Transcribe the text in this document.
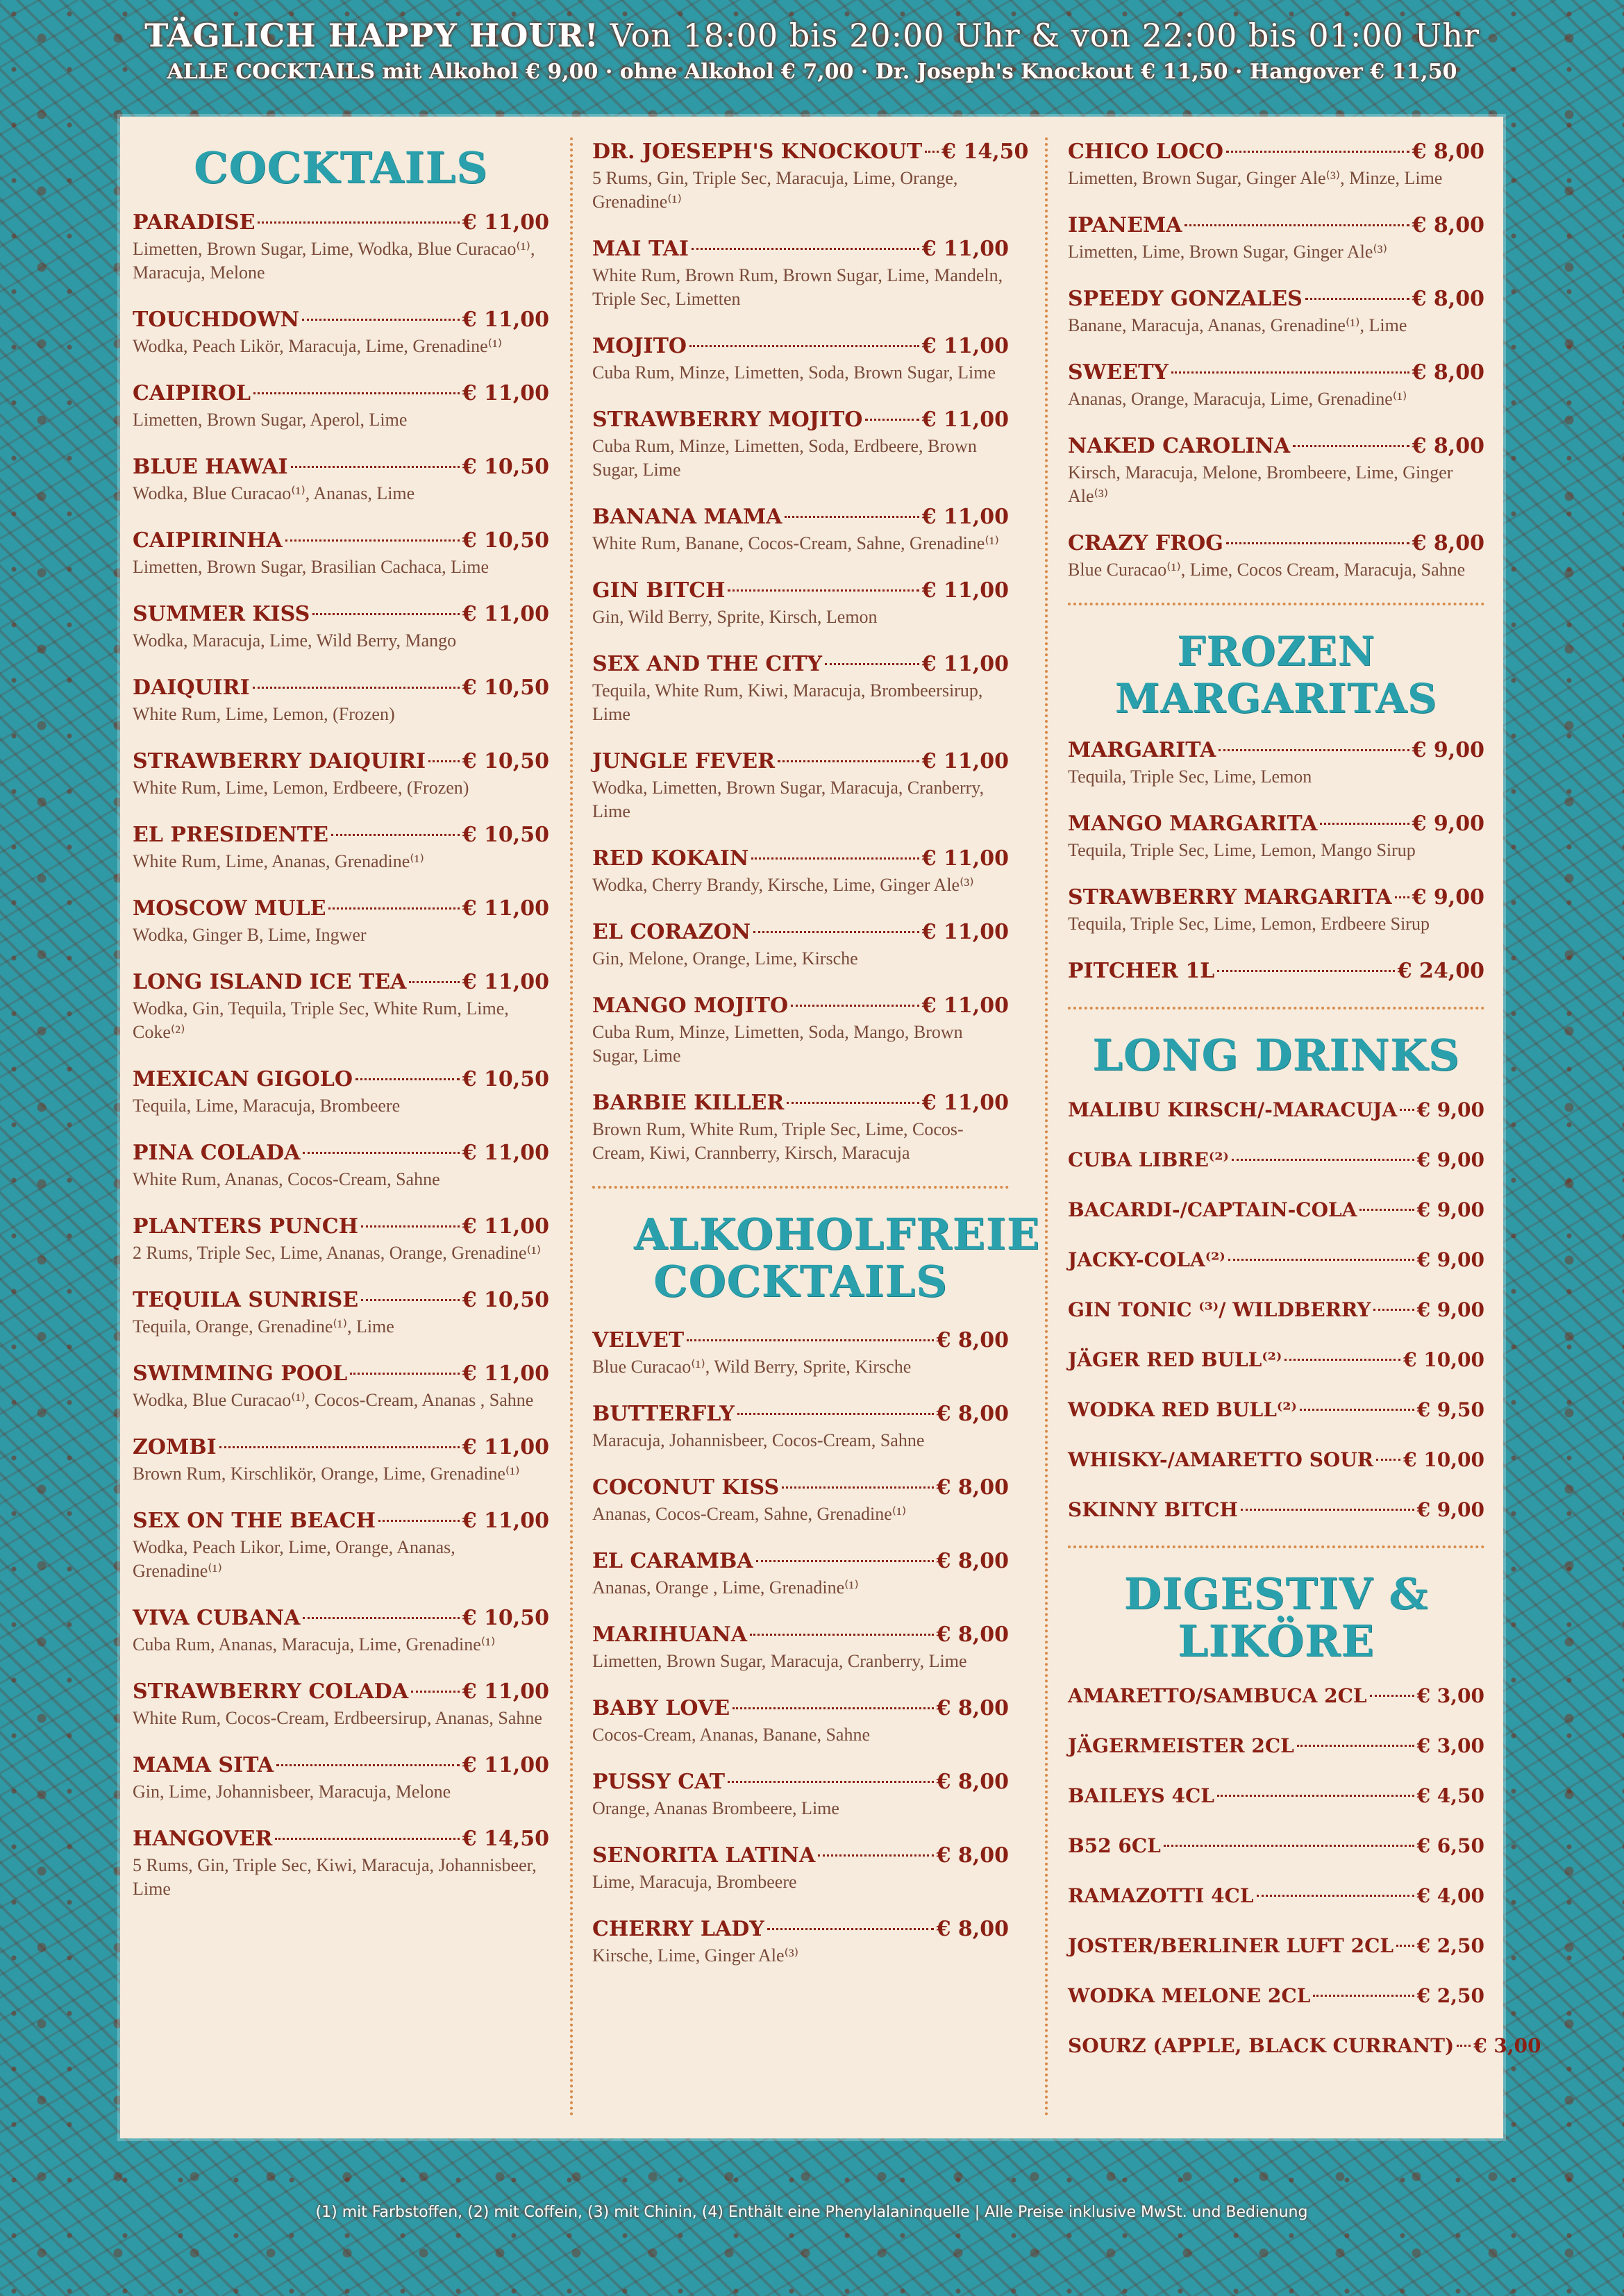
TÄGLICH HAPPY HOUR! Von 18:00 bis 20:00 Uhr & von 22:00 bis 01:00 Uhr
ALLE COCKTAILS mit Alkohol € 9,00 · ohne Alkohol € 7,00 · Dr. Joseph's Knockout € 11,50 · Hangover € 11,50
COCKTAILS
PARADISE	€ 11,00
Limetten, Brown Sugar, Lime, Wodka, Blue Curacao⁽¹⁾, Maracuja, Melone
TOUCHDOWN	€ 11,00
Wodka, Peach Likör, Maracuja, Lime, Grenadine⁽¹⁾
CAIPIROL	€ 11,00
Limetten, Brown Sugar, Aperol, Lime
BLUE HAWAI	€ 10,50
Wodka, Blue Curacao⁽¹⁾, Ananas, Lime
CAIPIRINHA	€ 10,50
Limetten, Brown Sugar, Brasilian Cachaca, Lime
SUMMER KISS	€ 11,00
Wodka, Maracuja, Lime, Wild Berry, Mango
DAIQUIRI	€ 10,50
White Rum, Lime, Lemon, (Frozen)
STRAWBERRY DAIQUIRI € 10,50
White Rum, Lime, Lemon, Erdbeere, (Frozen)
EL PRESIDENTE	€ 10,50
White Rum, Lime, Ananas, Grenadine⁽¹⁾
MOSCOW MULE	€ 11,00
Wodka, Ginger B, Lime, Ingwer
LONG ISLAND ICE TEA	€ 11,00
Wodka, Gin, Tequila, Triple Sec, White Rum, Lime, Coke⁽²⁾
MEXICAN GIGOLO	€ 10,50
Tequila, Lime, Maracuja, Brombeere
PINA COLADA	€ 11,00
White Rum, Ananas, Cocos-Cream, Sahne
PLANTERS PUNCH	€ 11,00
2 Rums, Triple Sec, Lime, Ananas, Orange, Grenadine⁽¹⁾
TEQUILA SUNRISE	€ 10,50
Tequila, Orange, Grenadine⁽¹⁾, Lime
SWIMMING POOL	€ 11,00
Wodka, Blue Curacao⁽¹⁾, Cocos-Cream, Ananas , Sahne
ZOMBI	€ 11,00
Brown Rum, Kirschlikör, Orange, Lime, Grenadine⁽¹⁾
SEX ON THE BEACH	€ 11,00
Wodka, Peach Likor, Lime, Orange, Ananas, Grenadine⁽¹⁾
VIVA CUBANA	€ 10,50
Cuba Rum, Ananas, Maracuja, Lime, Grenadine⁽¹⁾
STRAWBERRY COLADA	€ 11,00
White Rum, Cocos-Cream, Erdbeersirup, Ananas, Sahne
MAMA SITA	€ 11,00
Gin, Lime, Johannisbeer, Maracuja, Melone
HANGOVER	€ 14,50
5 Rums, Gin, Triple Sec, Kiwi, Maracuja, Johannisbeer, Lime
DR. JOESEPH'S KNOCKOUT € 14,50
5 Rums, Gin, Triple Sec, Maracuja, Lime, Orange, Grenadine⁽¹⁾
MAI TAI	€ 11,00
White Rum, Brown Rum, Brown Sugar, Lime, Mandeln, Triple Sec, Limetten
MOJITO	€ 11,00
Cuba Rum, Minze, Limetten, Soda, Brown Sugar, Lime
STRAWBERRY MOJITO	€ 11,00
Cuba Rum, Minze, Limetten, Soda, Erdbeere, Brown Sugar, Lime
BANANA MAMA	€ 11,00
White Rum, Banane, Cocos-Cream, Sahne, Grenadine⁽¹⁾
GIN BITCH	€ 11,00
Gin, Wild Berry, Sprite, Kirsch, Lemon
SEX AND THE CITY	€ 11,00
Tequila, White Rum, Kiwi, Maracuja, Brombeersirup, Lime
JUNGLE FEVER	€ 11,00
Wodka, Limetten, Brown Sugar, Maracuja, Cranberry, Lime
RED KOKAIN	€ 11,00
Wodka, Cherry Brandy, Kirsche, Lime, Ginger Ale⁽³⁾
EL CORAZON	€ 11,00
Gin, Melone, Orange, Lime, Kirsche
MANGO MOJITO	€ 11,00
Cuba Rum, Minze, Limetten, Soda, Mango, Brown Sugar, Lime
BARBIE KILLER	€ 11,00
Brown Rum, White Rum, Triple Sec, Lime, Cocos-Cream, Kiwi, Crannberry, Kirsch, Maracuja
ALKOHOLFREIE COCKTAILS
VELVET	€ 8,00
Blue Curacao⁽¹⁾, Wild Berry, Sprite, Kirsche
BUTTERFLY	€ 8,00
Maracuja, Johannisbeer, Cocos-Cream, Sahne
COCONUT KISS	€ 8,00
Ananas, Cocos-Cream, Sahne, Grenadine⁽¹⁾
EL CARAMBA	€ 8,00
Ananas, Orange , Lime, Grenadine⁽¹⁾
MARIHUANA	€ 8,00
Limetten, Brown Sugar, Maracuja, Cranberry, Lime
BABY LOVE	€ 8,00
Cocos-Cream, Ananas, Banane, Sahne
PUSSY CAT	€ 8,00
Orange, Ananas Brombeere, Lime
SENORITA LATINA	€ 8,00
Lime, Maracuja, Brombeere
CHERRY LADY	€ 8,00
Kirsche, Lime, Ginger Ale⁽³⁾
CHICO LOCO	€ 8,00
Limetten, Brown Sugar, Ginger Ale⁽³⁾, Minze, Lime
IPANEMA	€ 8,00
Limetten, Lime, Brown Sugar, Ginger Ale⁽³⁾
SPEEDY GONZALES	€ 8,00
Banane, Maracuja, Ananas, Grenadine⁽¹⁾, Lime
SWEETY	€ 8,00
Ananas, Orange, Maracuja, Lime, Grenadine⁽¹⁾
NAKED CAROLINA	€ 8,00
Kirsch, Maracuja, Melone, Brombeere, Lime, Ginger Ale⁽³⁾
CRAZY FROG	€ 8,00
Blue Curacao⁽¹⁾, Lime, Cocos Cream, Maracuja, Sahne
FROZEN MARGARITAS
MARGARITA	€ 9,00
Tequila, Triple Sec, Lime, Lemon
MANGO MARGARITA	€ 9,00
Tequila, Triple Sec, Lime, Lemon, Mango Sirup
STRAWBERRY MARGARITA € 9,00
Tequila, Triple Sec, Lime, Lemon, Erdbeere Sirup
PITCHER 1L	€ 24,00
LONG DRINKS
MALIBU KIRSCH/-MARACUJA € 9,00
CUBA LIBRE⁽²⁾	€ 9,00
BACARDI-/CAPTAIN-COLA	€ 9,00
JACKY-COLA⁽²⁾	€ 9,00
GIN TONIC ⁽³⁾/ WILDBERRY € 9,00
JÄGER RED BULL⁽²⁾	€ 10,00
WODKA RED BULL⁽²⁾	€ 9,50
WHISKY-/AMARETTO SOUR € 10,00
SKINNY BITCH	€ 9,00
DIGESTIV & LIKÖRE
AMARETTO/SAMBUCA 2CL	€ 3,00
JÄGERMEISTER 2CL	€ 3,00
BAILEYS 4CL	€ 4,50
B52 6CL	€ 6,50
RAMAZOTTI 4CL	€ 4,00
JOSTER/BERLINER LUFT 2CL € 2,50
WODKA MELONE 2CL	€ 2,50
SOURZ (APPLE, BLACK CURRANT) € 3,00
(1) mit Farbstoffen, (2) mit Coffein, (3) mit Chinin, (4) Enthält eine Phenylalaninquelle | Alle Preise inklusive MwSt. und Bedienung
